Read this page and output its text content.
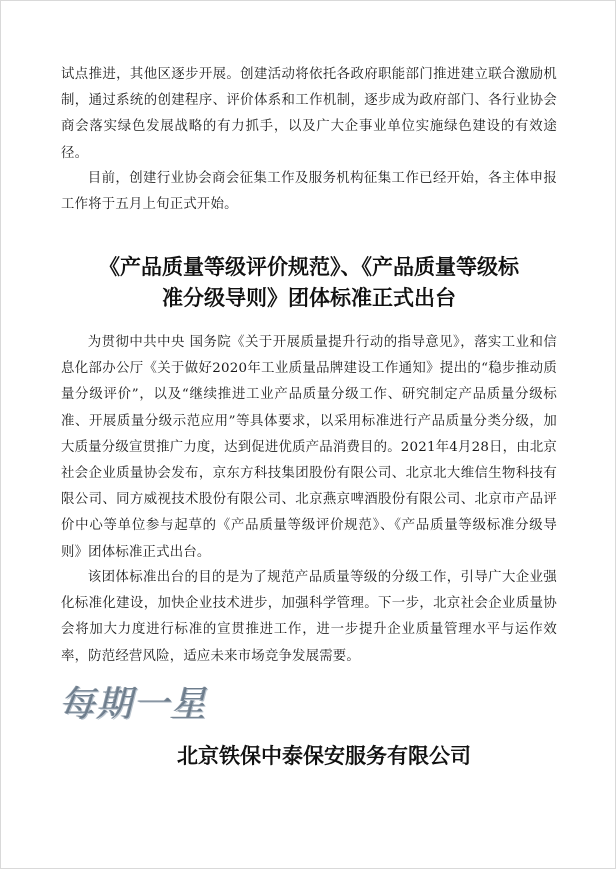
试点推进，其他区逐步开展。创建活动将依托各政府职能部门推进建立联合激励机制，通过系统的创建程序、评价体系和工作机制，逐步成为政府部门、各行业协会商会落实绿色发展战略的有力抓手，以及广大企事业单位实施绿色建设的有效途径。

目前，创建行业协会商会征集工作及服务机构征集工作已经开始，各主体申报工作将于五月上旬正式开始。

《产品质量等级评价规范》、《产品质量等级标
准分级导则》团体标准正式出台

为贯彻中共中央 国务院《关于开展质量提升行动的指导意见》，落实工业和信息化部办公厅《关于做好2020年工业质量品牌建设工作通知》提出的“稳步推动质量分级评价”，以及“继续推进工业产品质量分级工作、研究制定产品质量分级标准、开展质量分级示范应用”等具体要求，以采用标准进行产品质量分类分级，加大质量分级宣贯推广力度，达到促进优质产品消费目的。2021年4月28日，由北京社会企业质量协会发布，京东方科技集团股份有限公司、北京北大维信生物科技有限公司、同方威视技术股份有限公司、北京燕京啤酒股份有限公司、北京市产品评价中心等单位参与起草的《产品质量等级评价规范》、《产品质量等级标准分级导则》团体标准正式出台。

该团体标准出台的目的是为了规范产品质量等级的分级工作，引导广大企业强化标准化建设，加快企业技术进步，加强科学管理。下一步，北京社会企业质量协会将加大力度进行标准的宣贯推进工作，进一步提升企业质量管理水平与运作效率，防范经营风险，适应未来市场竞争发展需要。

每期一星
北京铁保中泰保安服务有限公司
